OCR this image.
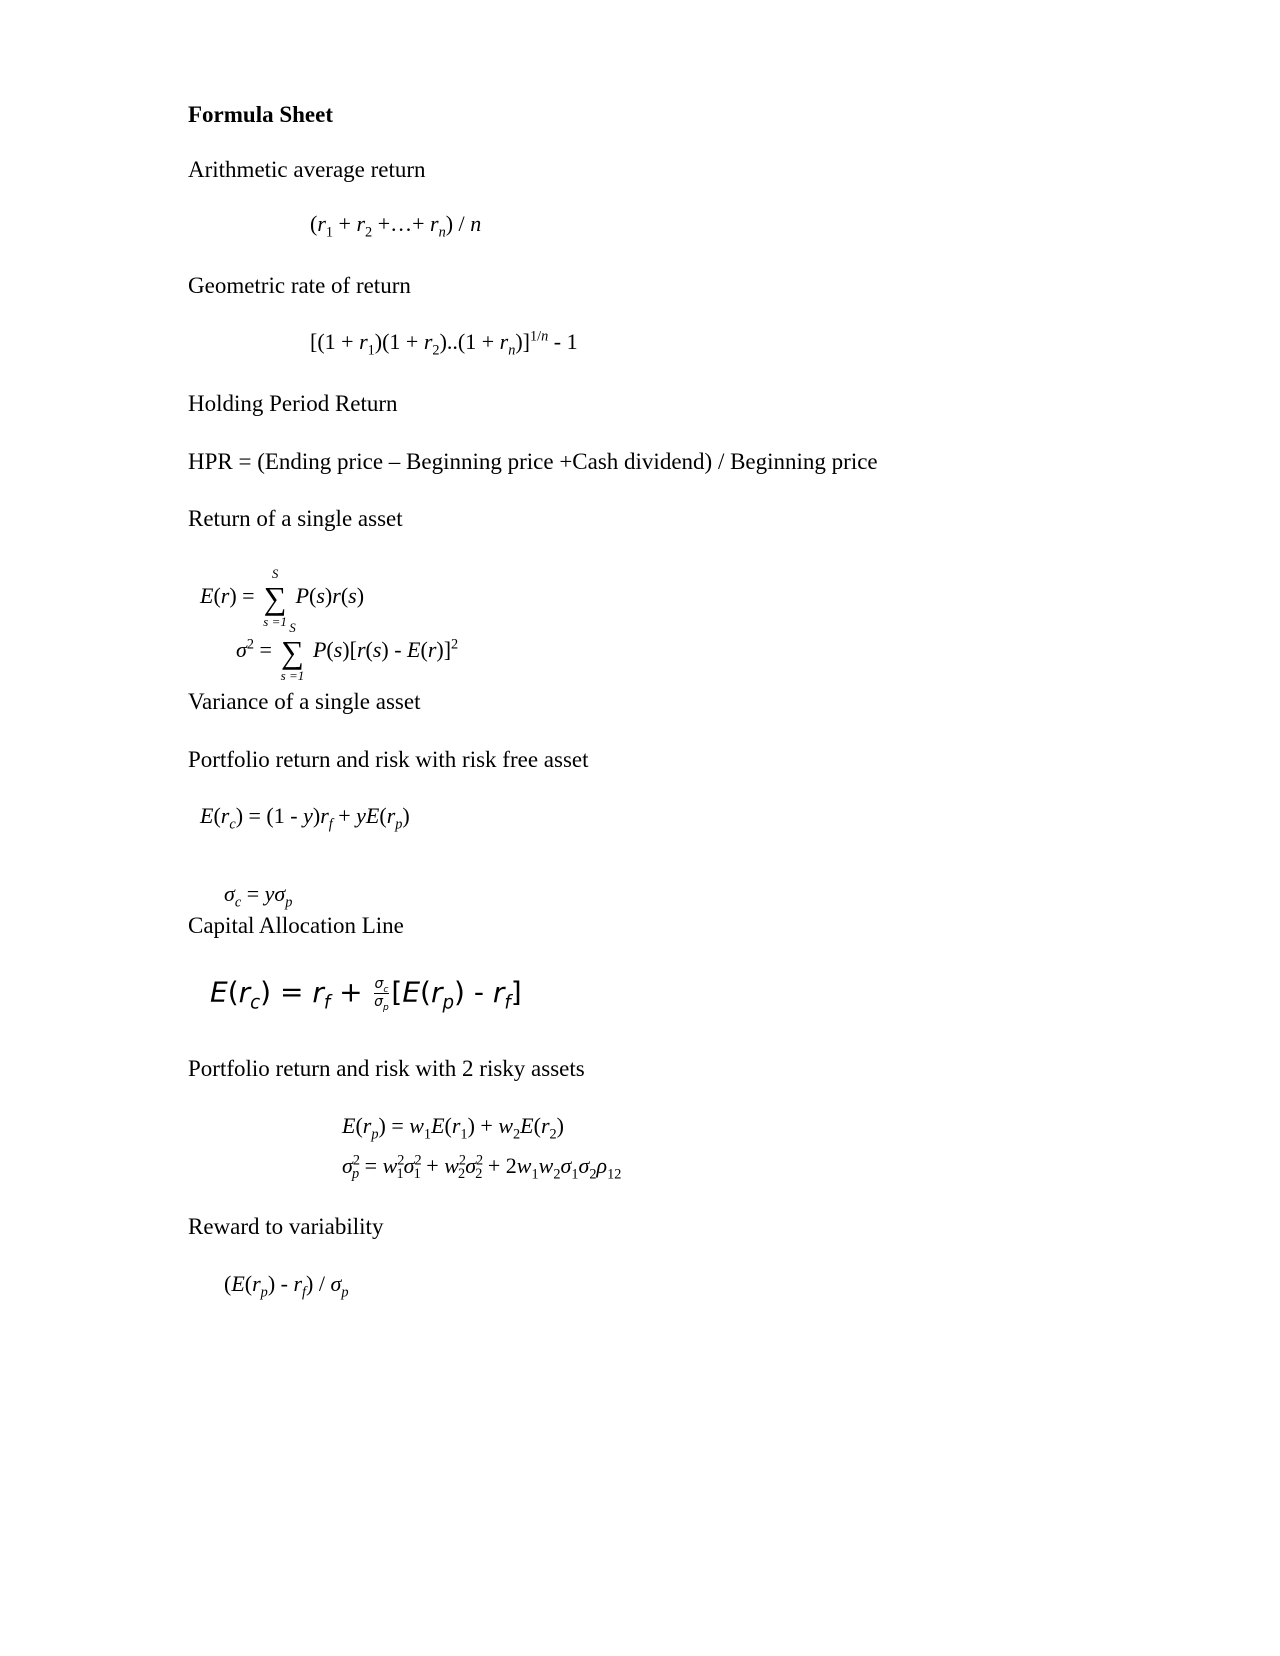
Formula Sheet
Arithmetic average return
($r_1 + r_2$ +…+ $r_n$) / n
Geometric rate of return
$[(1 + r_1)(1 + r_2)..(1 + r_n)]^{1/n} - 1$
Holding Period Return
HPR = (Ending price – Beginning price +Cash dividend) / Beginning price
Return of a single asset
E(r) =
S
∑
s =1
P(s)r(s)
$\sigma^2$ =
S
∑
s =1
P(s)[r(s) - E(r)]$^2$
Variance of a single asset
Portfolio return and risk with risk free asset
$E(r_c) = (1 - y)r_f + yE(r_p)$
$\sigma_c = y\sigma_p$
Capital Allocation Line
$E(r_c) = r_f + \frac{\sigma_c}{\sigma_p} [E(r_p) - r_f]$
Portfolio return and risk with 2 risky assets
$E(r_p) = w_1E(r_1) + w_2E(r_2)$
$\sigma^2_p = w^2_1\sigma^2_1 + w^2_2\sigma^2_2 + 2w_1w_2\sigma_1\sigma_2\rho_{12}$
Reward to variability
$(E(r_p) - r_f) / \sigma_p$
